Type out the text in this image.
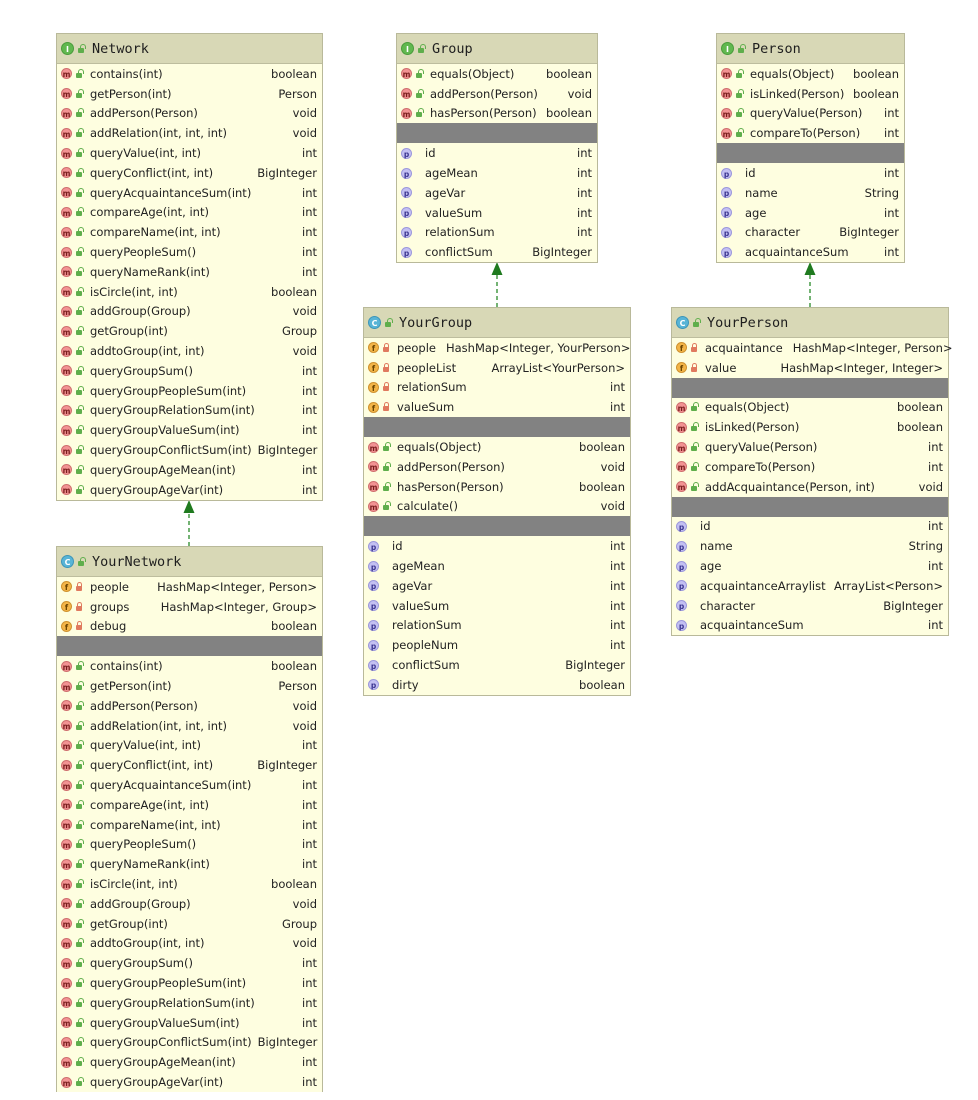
I	Network
m contains(int)	boolean
m getPerson(int)	Person
m addPerson(Person)	void
m addRelation(int, int, int)	void
m queryValue(int, int)	int
m queryConflict(int, int)	BigInteger
m queryAcquaintanceSum(int)	int
m compareAge(int, int)	int
m compareName(int, int)	int
m queryPeopleSum()	int
m queryNameRank(int)	int
m isCircle(int, int)	boolean
m addGroup(Group)	void
m getGroup(int)	Group
m addtoGroup(int, int)	void
m queryGroupSum()	int
m queryGroupPeopleSum(int)	int
m queryGroupRelationSum(int)	int
m queryGroupValueSum(int)	int
m queryGroupConflictSum(int) BigInteger
m queryGroupAgeMean(int)	int
m queryGroupAgeVar(int)	int
I	Group
m equals(Object)	boolean
m addPerson(Person)	void
m hasPerson(Person) boolean
p id	int
p ageMean	int
p ageVar	int
p valueSum	int
p relationSum	int
p conflictSum	BigInteger
I	Person
m equals(Object)	boolean
m isLinked(Person) boolean
m queryValue(Person)	int
m compareTo(Person)	int
p id	int
p name	String
p age	int
p character	BigInteger
p acquaintanceSum	int
C YourGroup
f	people HashMap<Integer, YourPerson>
f	peopleList	ArrayList<YourPerson>
f	relationSum	int
f	valueSum	int
m equals(Object)	boolean
m addPerson(Person)	void
m hasPerson(Person)	boolean
m calculate()	void
p id	int
p ageMean	int
p ageVar	int
p valueSum	int
p relationSum	int
p peopleNum	int
p conflictSum	BigInteger
p dirty	boolean
C YourPerson
f	acquaintance HashMap<Integer, Person>
f	value	HashMap<Integer, Integer>
m equals(Object)	boolean
m isLinked(Person)	boolean
m queryValue(Person)	int
m compareTo(Person)	int
m addAcquaintance(Person, int)	void
p id	int
p name	String
p age	int
p acquaintanceArraylist ArrayList<Person>
p character	BigInteger
p acquaintanceSum	int
C YourNetwork
f	people	HashMap<Integer, Person>
f	groups	HashMap<Integer, Group>
f	debug	boolean
m contains(int)	boolean
m getPerson(int)	Person
m addPerson(Person)	void
m addRelation(int, int, int)	void
m queryValue(int, int)	int
m queryConflict(int, int)	BigInteger
m queryAcquaintanceSum(int)	int
m compareAge(int, int)	int
m compareName(int, int)	int
m queryPeopleSum()	int
m queryNameRank(int)	int
m isCircle(int, int)	boolean
m addGroup(Group)	void
m getGroup(int)	Group
m addtoGroup(int, int)	void
m queryGroupSum()	int
m queryGroupPeopleSum(int)	int
m queryGroupRelationSum(int)	int
m queryGroupValueSum(int)	int
m queryGroupConflictSum(int) BigInteger
m queryGroupAgeMean(int)	int
m queryGroupAgeVar(int)	int
